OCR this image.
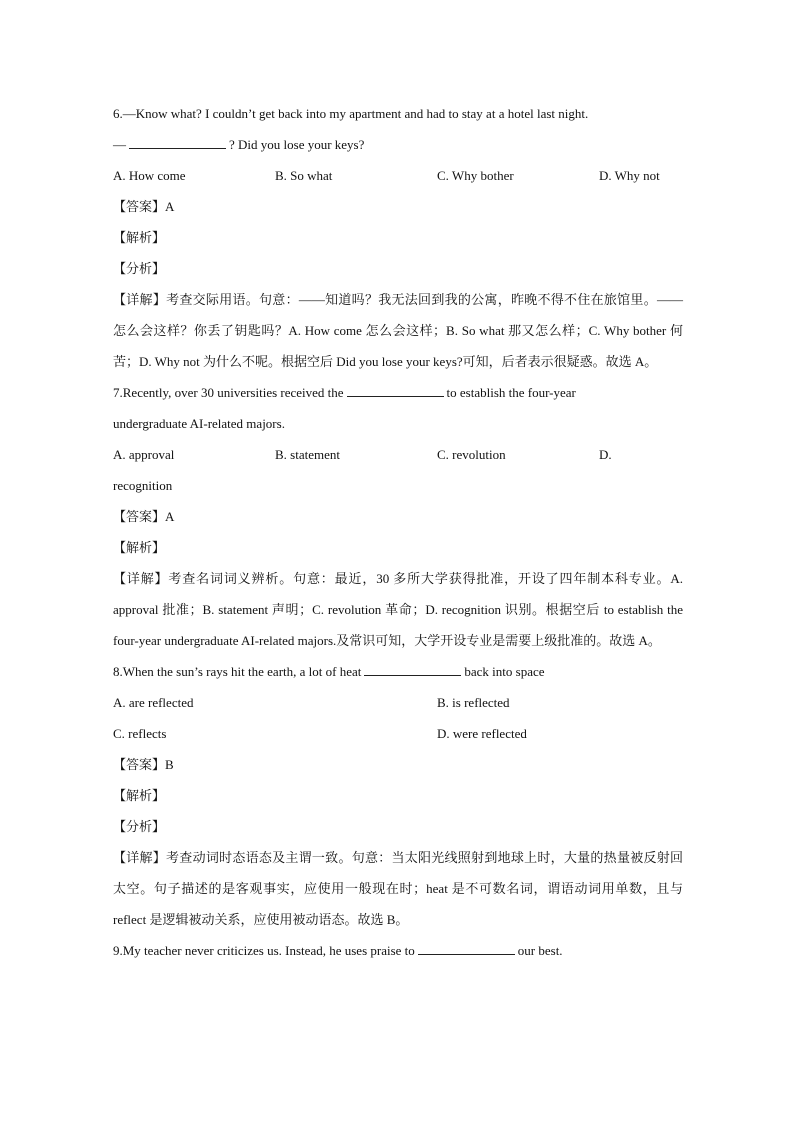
6.—Know what? I couldn’t get back into my apartment and had to stay at a hotel last night.
—	? Did you lose your keys?
A. How come	B. So what	C. Why bother	D. Why not
【答案】A
【解析】
【分析】
【详解】考查交际用语。句意：——知道吗？我无法回到我的公寓，昨晚不得不住在旅馆里。——怎么会这样？你丢了钥匙吗？A. How come 怎么会这样；B. So what 那又怎么样；C. Why bother 何苦；D. Why not 为什么不呢。根据空后 Did you lose your keys?可知，后者表示很疑惑。故选 A。
7.Recently, over 30 universities received the	to establish the four-year
undergraduate AI-related majors.
A. approval	B. statement	C. revolution	D.
recognition
【答案】A
【解析】
【详解】考查名词词义辨析。句意：最近，30 多所大学获得批准，开设了四年制本科专业。A. approval 批准；B. statement 声明；C. revolution 革命；D. recognition 识别。根据空后 to establish the four-year undergraduate AI-related majors.及常识可知，大学开设专业是需要上级批准的。故选 A。
8.When the sun’s rays hit the earth, a lot of heat	back into space
A. are reflected	B. is reflected
C. reflects	D. were reflected
【答案】B
【解析】
【分析】
【详解】考查动词时态语态及主谓一致。句意：当太阳光线照射到地球上时，大量的热量被反射回太空。句子描述的是客观事实，应使用一般现在时；heat 是不可数名词，谓语动词用单数，且与 reflect 是逻辑被动关系，应使用被动语态。故选 B。
9.My teacher never criticizes us. Instead, he uses praise to	our best.
